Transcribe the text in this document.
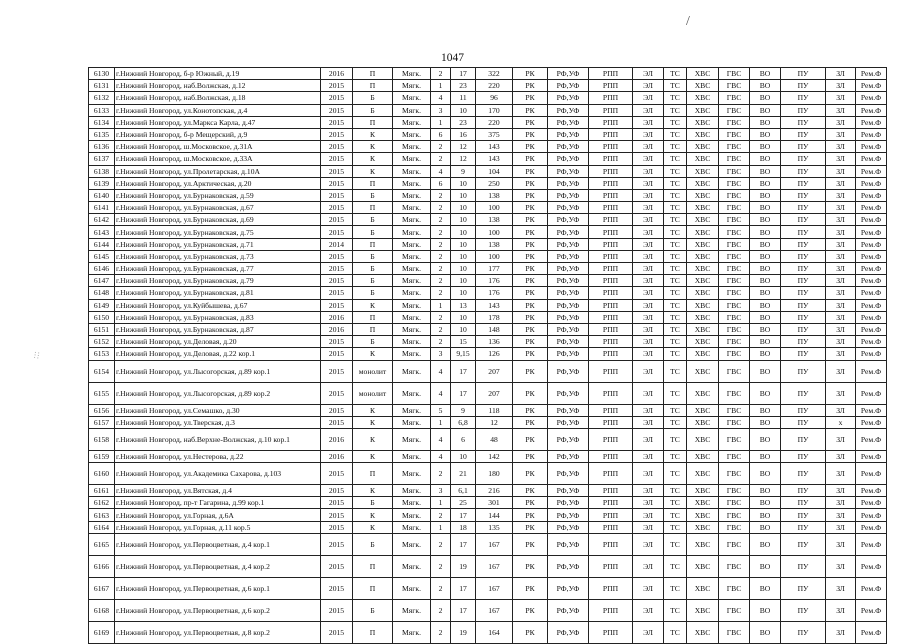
/
1047
:::
6130	г.Нижний Новгород, б-р Южный, д.19	2016	П	Мягк.	2	17	322	РК	РФ,УФ	РПП	ЭЛ	ТС	ХВС	ГВС	ВО	ПУ	ЗЛ	Рем.Ф
6131	г.Нижний Новгород, наб.Волжская, д.12	2015	П	Мягк.	1	23	220	РК	РФ,УФ	РПП	ЭЛ	ТС	ХВС	ГВС	ВО	ПУ	ЗЛ	Рем.Ф
6132	г.Нижний Новгород, наб.Волжская, д.18	2015	Б	Мягк.	4	11	96	РК	РФ,УФ	РПП	ЭЛ	ТС	ХВС	ГВС	ВО	ПУ	ЗЛ	Рем.Ф
6133	г.Нижний Новгород, ул.Конотопская, д.4	2015	Б	Мягк.	3	10	170	РК	РФ,УФ	РПП	ЭЛ	ТС	ХВС	ГВС	ВО	ПУ	ЗЛ	Рем.Ф
6134	г.Нижний Новгород, ул.Маркса Карла, д.47	2015	П	Мягк.	1	23	220	РК	РФ,УФ	РПП	ЭЛ	ТС	ХВС	ГВС	ВО	ПУ	ЗЛ	Рем.Ф
6135	г.Нижний Новгород, б-р Мещерский, д.9	2015	К	Мягк.	6	16	375	РК	РФ,УФ	РПП	ЭЛ	ТС	ХВС	ГВС	ВО	ПУ	ЗЛ	Рем.Ф
6136	г.Нижний Новгород, ш.Московское, д.31А	2015	К	Мягк.	2	12	143	РК	РФ,УФ	РПП	ЭЛ	ТС	ХВС	ГВС	ВО	ПУ	ЗЛ	Рем.Ф
6137	г.Нижний Новгород, ш.Московское, д.33А	2015	К	Мягк.	2	12	143	РК	РФ,УФ	РПП	ЭЛ	ТС	ХВС	ГВС	ВО	ПУ	ЗЛ	Рем.Ф
6138	г.Нижний Новгород, ул.Пролетарская, д.10А	2015	К	Мягк.	4	9	104	РК	РФ,УФ	РПП	ЭЛ	ТС	ХВС	ГВС	ВО	ПУ	ЗЛ	Рем.Ф
6139	г.Нижний Новгород, ул.Арктическая, д.20	2015	П	Мягк.	6	10	250	РК	РФ,УФ	РПП	ЭЛ	ТС	ХВС	ГВС	ВО	ПУ	ЗЛ	Рем.Ф
6140	г.Нижний Новгород, ул.Бурнаковская, д.59	2015	Б	Мягк.	2	10	138	РК	РФ,УФ	РПП	ЭЛ	ТС	ХВС	ГВС	ВО	ПУ	ЗЛ	Рем.Ф
6141	г.Нижний Новгород, ул.Бурнаковская, д.67	2015	П	Мягк.	2	10	100	РК	РФ,УФ	РПП	ЭЛ	ТС	ХВС	ГВС	ВО	ПУ	ЗЛ	Рем.Ф
6142	г.Нижний Новгород, ул.Бурнаковская, д.69	2015	Б	Мягк.	2	10	138	РК	РФ,УФ	РПП	ЭЛ	ТС	ХВС	ГВС	ВО	ПУ	ЗЛ	Рем.Ф
6143	г.Нижний Новгород, ул.Бурнаковская, д.75	2015	Б	Мягк.	2	10	100	РК	РФ,УФ	РПП	ЭЛ	ТС	ХВС	ГВС	ВО	ПУ	ЗЛ	Рем.Ф
6144	г.Нижний Новгород, ул.Бурнаковская, д.71	2014	П	Мягк.	2	10	138	РК	РФ,УФ	РПП	ЭЛ	ТС	ХВС	ГВС	ВО	ПУ	ЗЛ	Рем.Ф
6145	г.Нижний Новгород, ул.Бурнаковская, д.73	2015	Б	Мягк.	2	10	100	РК	РФ,УФ	РПП	ЭЛ	ТС	ХВС	ГВС	ВО	ПУ	ЗЛ	Рем.Ф
6146	г.Нижний Новгород, ул.Бурнаковская, д.77	2015	Б	Мягк.	2	10	177	РК	РФ,УФ	РПП	ЭЛ	ТС	ХВС	ГВС	ВО	ПУ	ЗЛ	Рем.Ф
6147	г.Нижний Новгород, ул.Бурнаковская, д.79	2015	Б	Мягк.	2	10	176	РК	РФ,УФ	РПП	ЭЛ	ТС	ХВС	ГВС	ВО	ПУ	ЗЛ	Рем.Ф
6148	г.Нижний Новгород, ул.Бурнаковская, д.81	2015	Б	Мягк.	2	10	176	РК	РФ,УФ	РПП	ЭЛ	ТС	ХВС	ГВС	ВО	ПУ	ЗЛ	Рем.Ф
6149	г.Нижний Новгород, ул.Куйбышева, д.67	2015	К	Мягк.	1	13	143	РК	РФ,УФ	РПП	ЭЛ	ТС	ХВС	ГВС	ВО	ПУ	ЗЛ	Рем.Ф
6150	г.Нижний Новгород, ул.Бурнаковская, д.83	2016	П	Мягк.	2	10	178	РК	РФ,УФ	РПП	ЭЛ	ТС	ХВС	ГВС	ВО	ПУ	ЗЛ	Рем.Ф
6151	г.Нижний Новгород, ул.Бурнаковская, д.87	2016	П	Мягк.	2	10	148	РК	РФ,УФ	РПП	ЭЛ	ТС	ХВС	ГВС	ВО	ПУ	ЗЛ	Рем.Ф
6152	г.Нижний Новгород, ул.Деловая, д.20	2015	Б	Мягк.	2	15	136	РК	РФ,УФ	РПП	ЭЛ	ТС	ХВС	ГВС	ВО	ПУ	ЗЛ	Рем.Ф
6153	г.Нижний Новгород, ул.Деловая, д.22 кор.1	2015	К	Мягк.	3	9,15	126	РК	РФ,УФ	РПП	ЭЛ	ТС	ХВС	ГВС	ВО	ПУ	ЗЛ	Рем.Ф
6154	г.Нижний Новгород, ул.Лысогорская, д.89 кор.1	2015	монолит	Мягк.	4	17	207	РК	РФ,УФ	РПП	ЭЛ	ТС	ХВС	ГВС	ВО	ПУ	ЗЛ	Рем.Ф
6155	г.Нижний Новгород, ул.Лысогорская, д.89 кор.2	2015	монолит	Мягк.	4	17	207	РК	РФ,УФ	РПП	ЭЛ	ТС	ХВС	ГВС	ВО	ПУ	ЗЛ	Рем.Ф
6156	г.Нижний Новгород, ул.Семашко, д.30	2015	К	Мягк.	5	9	118	РК	РФ,УФ	РПП	ЭЛ	ТС	ХВС	ГВС	ВО	ПУ	ЗЛ	Рем.Ф
6157	г.Нижний Новгород, ул.Тверская, д.3	2015	К	Мягк.	1	6,8	12	РК	РФ,УФ	РПП	ЭЛ	ТС	ХВС	ГВС	ВО	ПУ	x	Рем.Ф
6158	г.Нижний Новгород, наб.Верхне-Волжская, д.10 кор.1	2016	К	Мягк.	4	6	48	РК	РФ,УФ	РПП	ЭЛ	ТС	ХВС	ГВС	ВО	ПУ	ЗЛ	Рем.Ф
6159	г.Нижний Новгород, ул.Нестерова, д.22	2016	К	Мягк.	4	10	142	РК	РФ,УФ	РПП	ЭЛ	ТС	ХВС	ГВС	ВО	ПУ	ЗЛ	Рем.Ф
6160	г.Нижний Новгород, ул.Академика Сахарова, д.103	2015	П	Мягк.	2	21	180	РК	РФ,УФ	РПП	ЭЛ	ТС	ХВС	ГВС	ВО	ПУ	ЗЛ	Рем.Ф
6161	г.Нижний Новгород, ул.Вятская, д.4	2015	К	Мягк.	3	6,1	216	РК	РФ,УФ	РПП	ЭЛ	ТС	ХВС	ГВС	ВО	ПУ	ЗЛ	Рем.Ф
6162	г.Нижний Новгород, пр-т Гагарина, д.99 кор.1	2015	Б	Мягк.	1	25	301	РК	РФ,УФ	РПП	ЭЛ	ТС	ХВС	ГВС	ВО	ПУ	ЗЛ	Рем.Ф
6163	г.Нижний Новгород, ул.Горная, д.6А	2015	К	Мягк.	2	17	144	РК	РФ,УФ	РПП	ЭЛ	ТС	ХВС	ГВС	ВО	ПУ	ЗЛ	Рем.Ф
6164	г.Нижний Новгород, ул.Горная, д.11 кор.5	2015	К	Мягк.	1	18	135	РК	РФ,УФ	РПП	ЭЛ	ТС	ХВС	ГВС	ВО	ПУ	ЗЛ	Рем.Ф
6165	г.Нижний Новгород, ул.Первоцветная, д.4 кор.1	2015	Б	Мягк.	2	17	167	РК	РФ,УФ	РПП	ЭЛ	ТС	ХВС	ГВС	ВО	ПУ	ЗЛ	Рем.Ф
6166	г.Нижний Новгород, ул.Первоцветная, д.4 кор.2	2015	П	Мягк.	2	19	167	РК	РФ,УФ	РПП	ЭЛ	ТС	ХВС	ГВС	ВО	ПУ	ЗЛ	Рем.Ф
6167	г.Нижний Новгород, ул.Первоцветная, д.6 кор.1	2015	П	Мягк.	2	17	167	РК	РФ,УФ	РПП	ЭЛ	ТС	ХВС	ГВС	ВО	ПУ	ЗЛ	Рем.Ф
6168	г.Нижний Новгород, ул.Первоцветная, д.6 кор.2	2015	Б	Мягк.	2	17	167	РК	РФ,УФ	РПП	ЭЛ	ТС	ХВС	ГВС	ВО	ПУ	ЗЛ	Рем.Ф
6169	г.Нижний Новгород, ул.Первоцветная, д.8 кор.2	2015	П	Мягк.	2	19	164	РК	РФ,УФ	РПП	ЭЛ	ТС	ХВС	ГВС	ВО	ПУ	ЗЛ	Рем.Ф
